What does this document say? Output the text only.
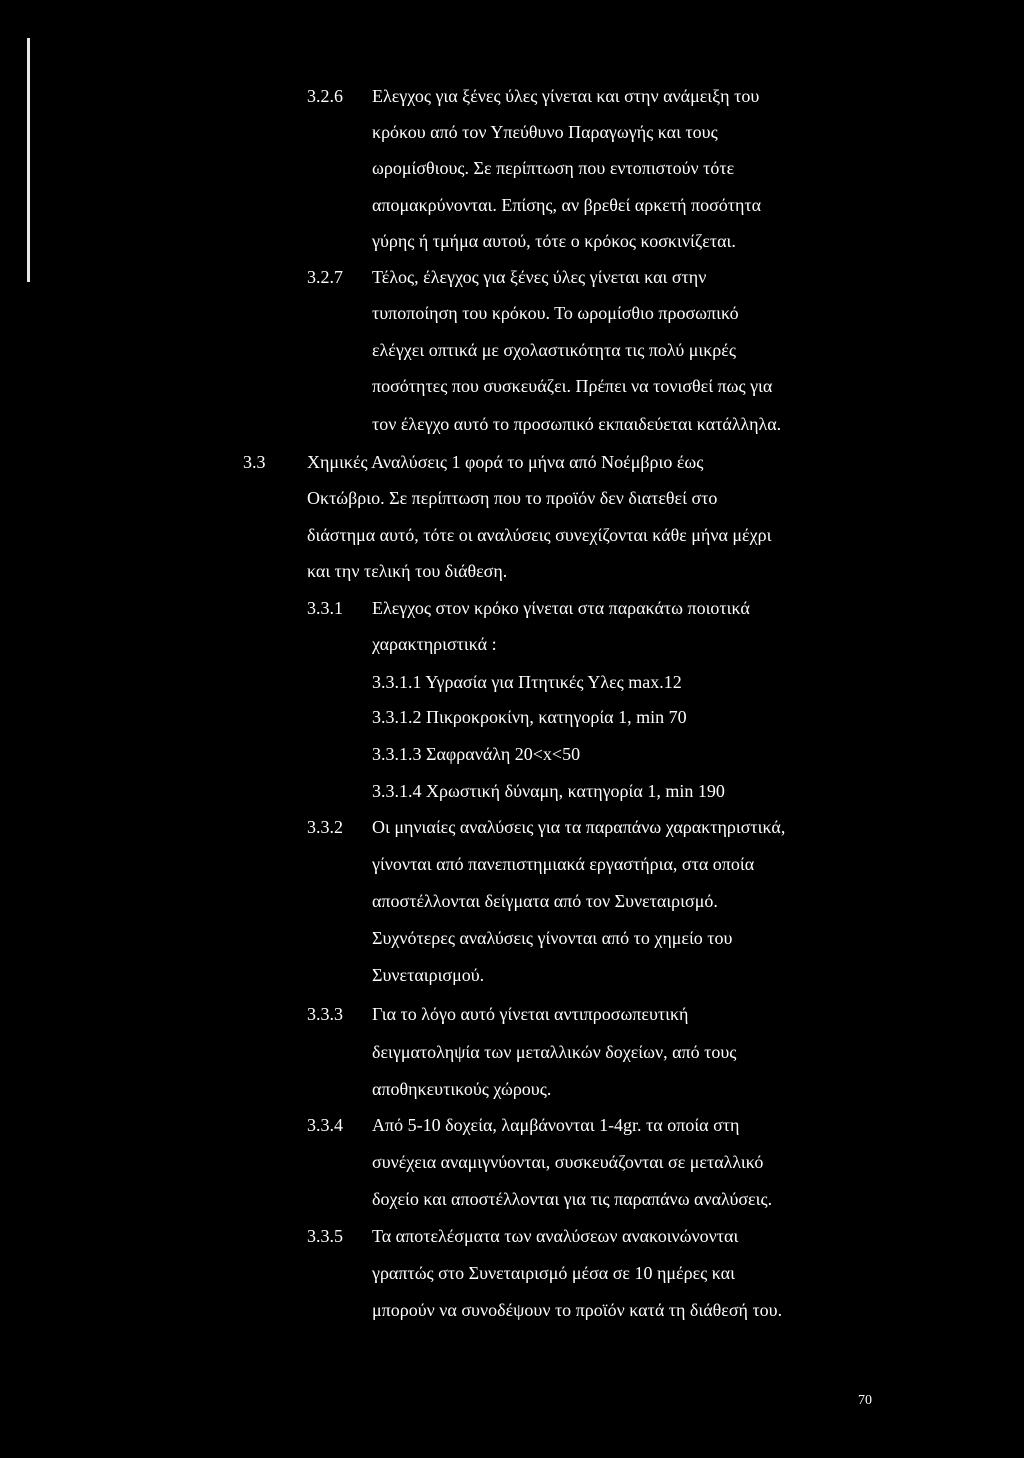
3.2.6 Ελεγχος για ξένες ύλες γίνεται και στην ανάμειξη του
κρόκου από τον Υπεύθυνο Παραγωγής και τους
ωρομίσθιους. Σε περίπτωση που εντοπιστούν τότε
απομακρύνονται. Επίσης, αν βρεθεί αρκετή ποσότητα
γύρης ή τμήμα αυτού, τότε ο κρόκος κοσκινίζεται.
3.2.7 Τέλος, έλεγχος για ξένες ύλες γίνεται και στην
τυποποίηση του κρόκου. Το ωρομίσθιο προσωπικό
ελέγχει οπτικά με σχολαστικότητα τις πολύ μικρές
ποσότητες που συσκευάζει. Πρέπει να τονισθεί πως για
τον έλεγχο αυτό το προσωπικό εκπαιδεύεται κατάλληλα.
3.3 Χημικές Αναλύσεις 1 φορά το μήνα από Νοέμβριο έως
Οκτώβριο. Σε περίπτωση που το προϊόν δεν διατεθεί στο
διάστημα αυτό, τότε οι αναλύσεις συνεχίζονται κάθε μήνα μέχρι
και την τελική του διάθεση.
3.3.1 Ελεγχος στον κρόκο γίνεται στα παρακάτω ποιοτικά
χαρακτηριστικά :
3.3.1.1 Υγρασία για Πτητικές Υλες max.12
3.3.1.2 Πικροκροκίνη, κατηγορία 1, min 70
3.3.1.3 Σαφρανάλη 20<x<50
3.3.1.4 Χρωστική δύναμη, κατηγορία 1, min 190
3.3.2 Οι μηνιαίες αναλύσεις για τα παραπάνω χαρακτηριστικά,
γίνονται από πανεπιστημιακά εργαστήρια, στα οποία
αποστέλλονται δείγματα από τον Συνεταιρισμό.
Συχνότερες αναλύσεις γίνονται από το χημείο του
Συνεταιρισμού.
3.3.3 Για το λόγο αυτό γίνεται αντιπροσωπευτική
δειγματοληψία των μεταλλικών δοχείων, από τους
αποθηκευτικούς χώρους.
3.3.4 Από 5-10 δοχεία, λαμβάνονται 1-4gr. τα οποία στη
συνέχεια αναμιγνύονται, συσκευάζονται σε μεταλλικό
δοχείο και αποστέλλονται για τις παραπάνω αναλύσεις.
3.3.5 Τα αποτελέσματα των αναλύσεων ανακοινώνονται
γραπτώς στο Συνεταιρισμό μέσα σε 10 ημέρες και
μπορούν να συνοδέψουν το προϊόν κατά τη διάθεσή του.
70
